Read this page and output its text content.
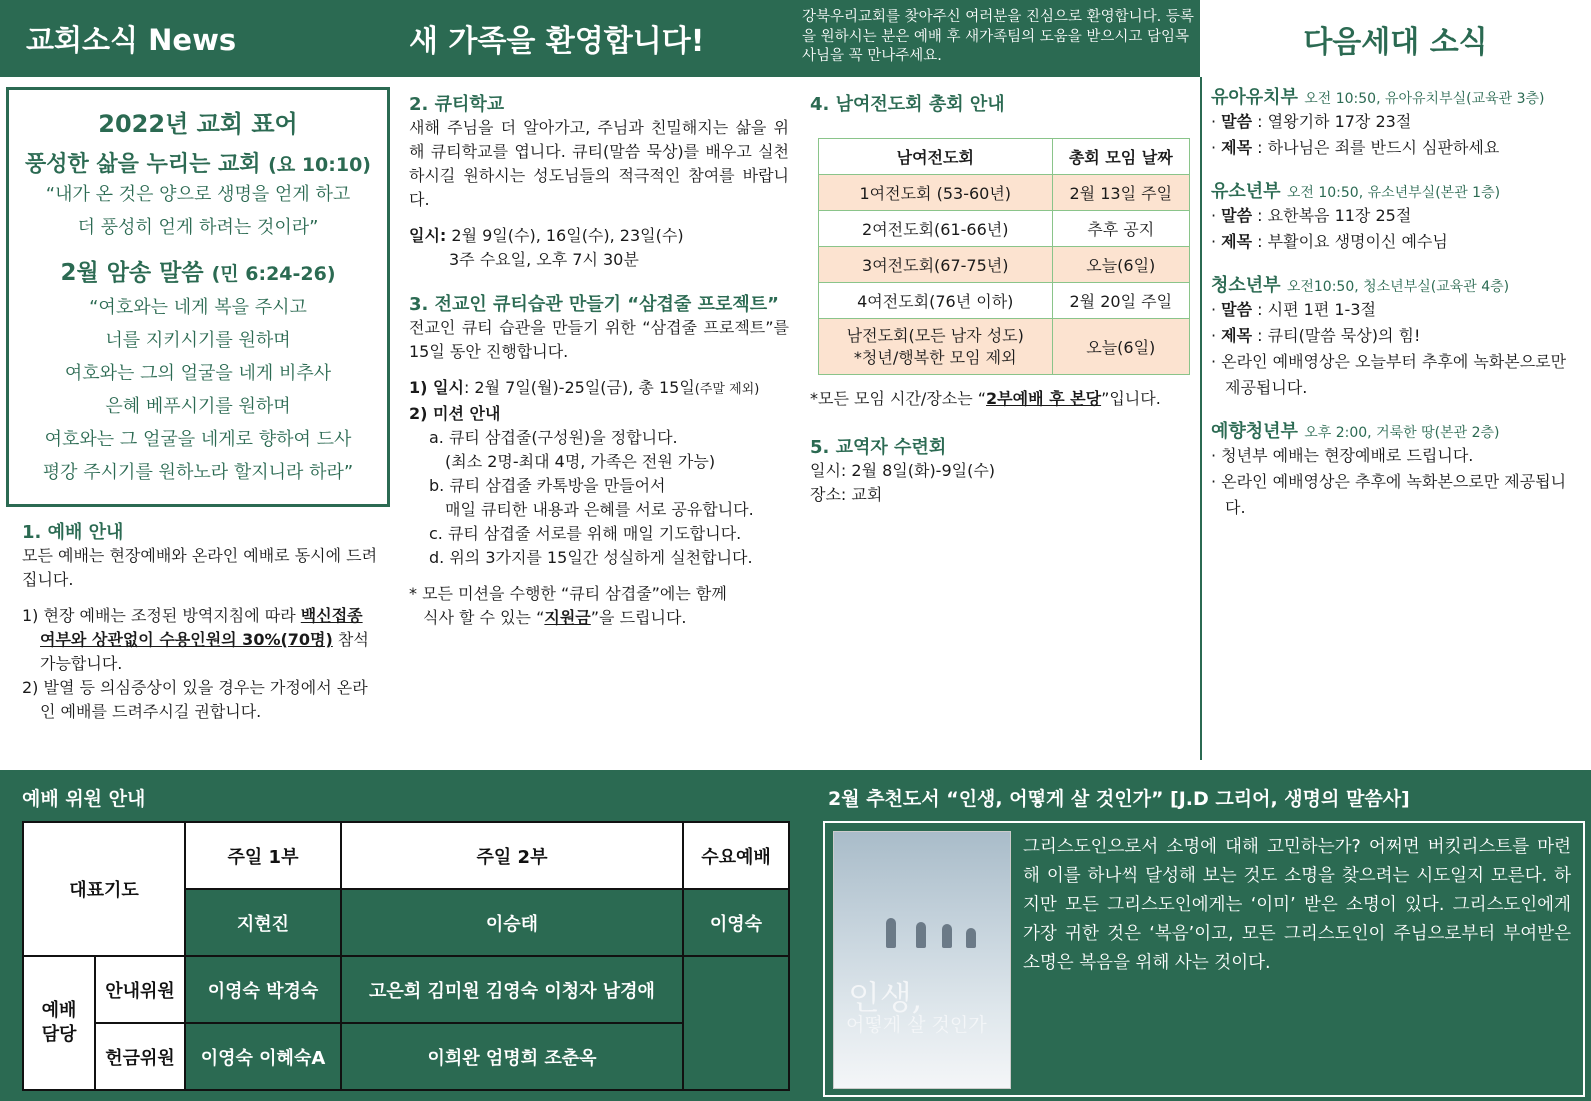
교회소식 News	새 가족을 환영합니다!
강북우리교회를 찾아주신 여러분을 진심으로 환영합니다. 등록을 원하시는 분은 예배 후 새가족팀의 도움을 받으시고 담임목사님을 꼭 만나주세요.	다음세대 소식
2022년 교회 표어
풍성한 삶을 누리는 교회 (요 10:10)
“내가 온 것은 양으로 생명을 얻게 하고
더 풍성히 얻게 하려는 것이라”
2월 암송 말씀 (민 6:24-26)
“여호와는 네게 복을 주시고
너를 지키시기를 원하며
여호와는 그의 얼굴을 네게 비추사
은혜 베푸시기를 원하며
여호와는 그 얼굴을 네게로 향하여 드사
평강 주시기를 원하노라 할지니라 하라”
1. 예배 안내
모든 예배는 현장예배와 온라인 예배로 동시에 드려집니다.
1) 현장 예배는 조정된 방역지침에 따라 백신접종 여부와 상관없이 수용인원의 30%(70명) 참석 가능합니다.
2) 발열 등 의심증상이 있을 경우는 가정에서 온라인 예배를 드려주시길 권합니다.
2. 큐티학교
새해 주님을 더 알아가고, 주님과 친밀해지는 삶을 위해 큐티학교를 엽니다. 큐티(말씀 묵상)를 배우고 실천하시길 원하시는 성도님들의 적극적인 참여를 바랍니다.
일시: 2월 9일(수), 16일(수), 23일(수)
3주 수요일, 오후 7시 30분
3. 전교인 큐티습관 만들기 “삼겹줄 프로젝트”
전교인 큐티 습관을 만들기 위한 “삼겹줄 프로젝트”를 15일 동안 진행합니다.
1) 일시: 2월 7일(월)-25일(금), 총 15일(주말 제외)
2) 미션 안내
a. 큐티 삼겹줄(구성원)을 정합니다.
(최소 2명-최대 4명, 가족은 전원 가능)
b. 큐티 삼겹줄 카톡방을 만들어서
매일 큐티한 내용과 은혜를 서로 공유합니다.
c. 큐티 삼겹줄 서로를 위해 매일 기도합니다.
d. 위의 3가지를 15일간 성실하게 실천합니다.
* 모든 미션을 수행한 “큐티 삼겹줄”에는 함께
식사 할 수 있는 “지원금”을 드립니다.
4. 남여전도회 총회 안내
남여전도회	총회 모임 날짜
1여전도회 (53-60년)	2월 13일 주일
2여전도회(61-66년)	추후 공지
3여전도회(67-75년)	오늘(6일)
4여전도회(76년 이하)	2월 20일 주일

남전도회(모든 남자 성도)
*청년/행복한 모임 제외	오늘(6일)
*모든 모임 시간/장소는 “2부예배 후 본당”입니다.
5. 교역자 수련회
일시: 2월 8일(화)-9일(수)
장소: 교회
유아유치부 오전 10:50, 유아유치부실(교육관 3층)
· 말씀 : 열왕기하 17장 23절
· 제목 : 하나님은 죄를 반드시 심판하세요
유소년부 오전 10:50, 유소년부실(본관 1층)
· 말씀 : 요한복음 11장 25절
· 제목 : 부활이요 생명이신 예수님
청소년부 오전10:50, 청소년부실(교육관 4층)
· 말씀 : 시편 1편 1-3절
· 제목 : 큐티(말씀 묵상)의 힘!
· 온라인 예배영상은 오늘부터 추후에 녹화본으로만 제공됩니다.
예향청년부 오후 2:00, 거룩한 땅(본관 2층)
· 청년부 예배는 현장예배로 드립니다.
· 온라인 예배영상은 추후에 녹화본으로만 제공됩니다.
예배 위원 안내	2월 추천도서 “인생, 어떻게 살 것인가” [J.D 그리어, 생명의 말씀사]
대표기도		주일 1부	주일 2부	수요예배
		지현진	이승태	이영숙
예배 담당	안내위원	이영숙 박경숙	고은희 김미원 김영숙 이청자 남경애	
	헌금위원	이영숙 이혜숙A	이희완 엄명희 조춘옥	
인생,
어떻게 살 것인가
그리스도인으로서 소명에 대해 고민하는가? 어쩌면 버킷리스트를 마련해 이를 하나씩 달성해 보는 것도 소명을 찾으려는 시도일지 모른다. 하지만 모든 그리스도인에게는 ‘이미’ 받은 소명이 있다. 그리스도인에게 가장 귀한 것은 ‘복음’이고, 모든 그리스도인이 주님으로부터 부여받은 소명은 복음을 위해 사는 것이다.
